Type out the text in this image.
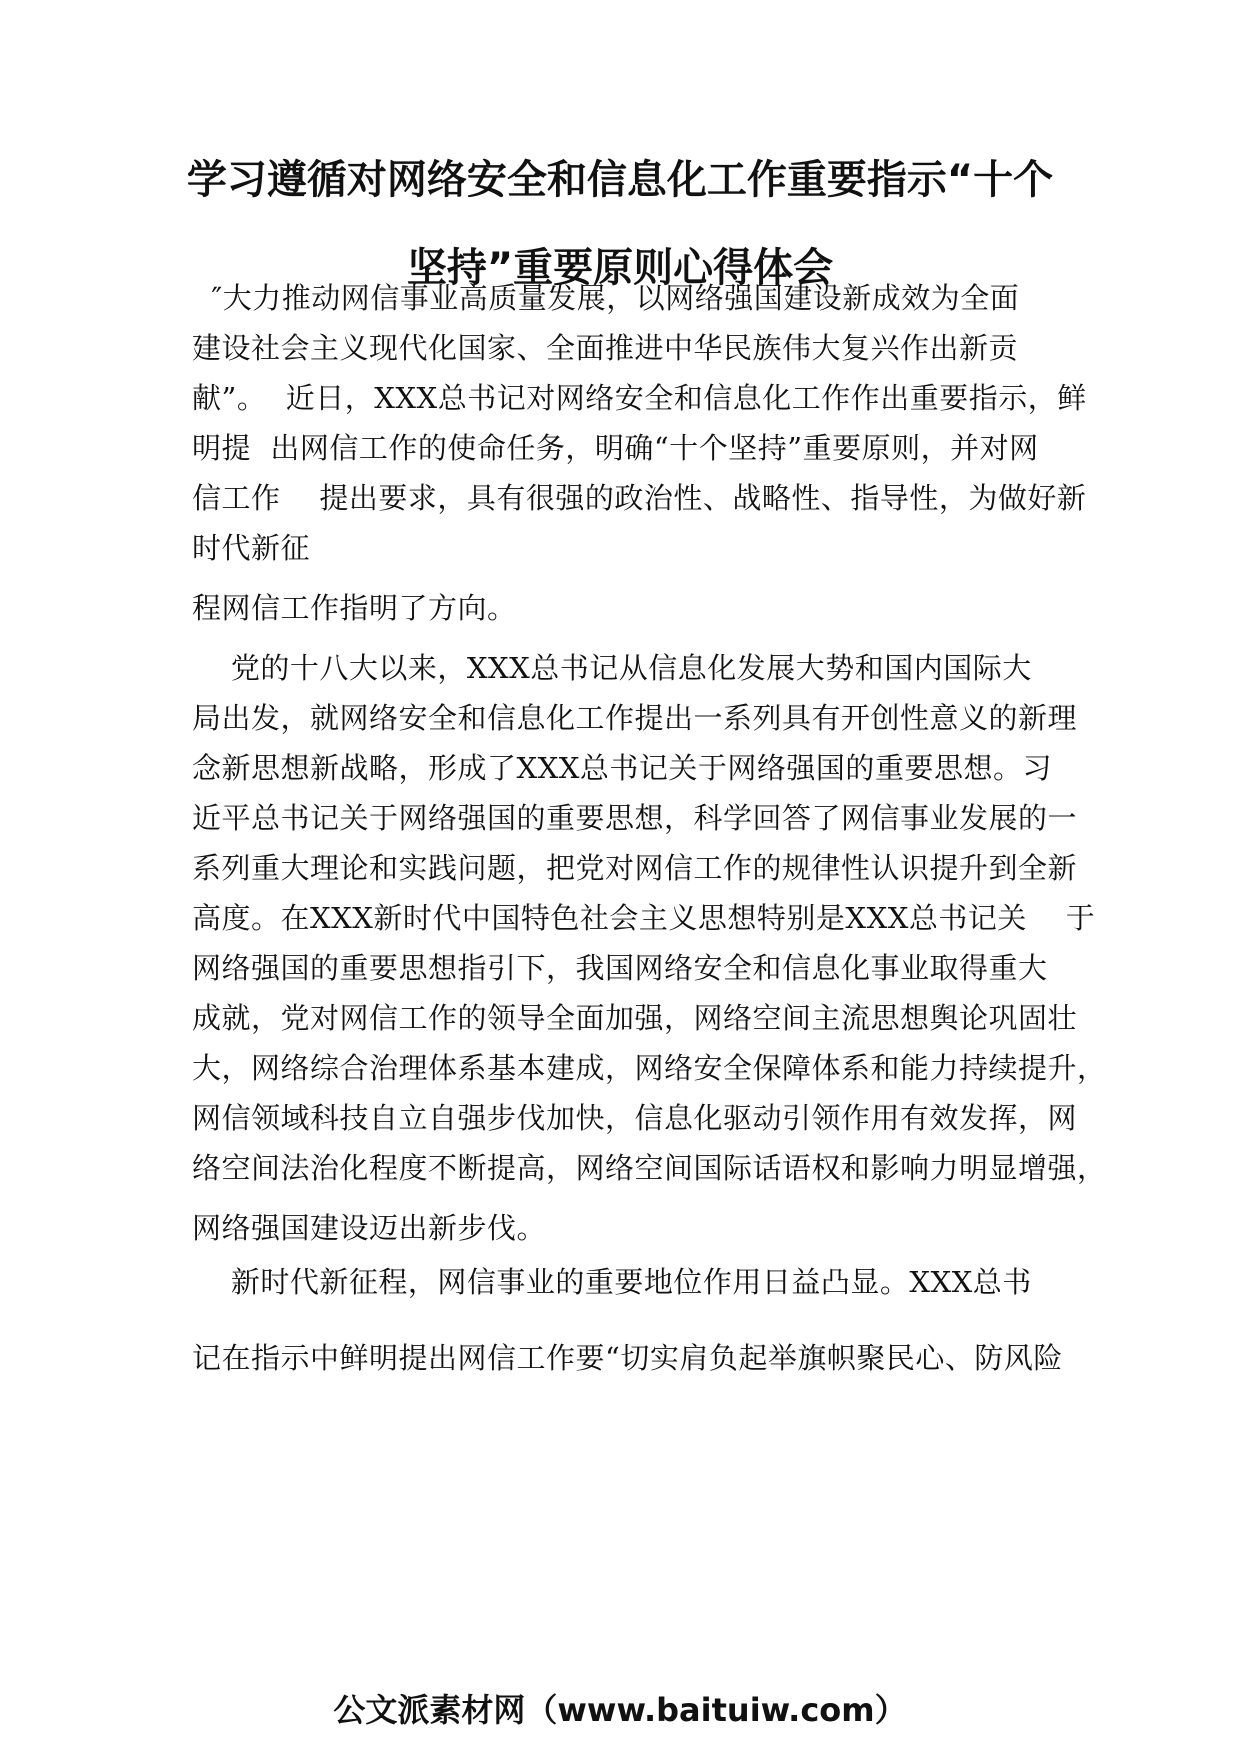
学习遵循对网络安全和信息化工作重要指示“十个
坚持”重要原则心得体会
″大力推动网信事业高质量发展，以网络强国建设新成效为全面
建设社会主义现代化国家、全面推进中华民族伟大复兴作出新贡
献”。  近日，XXX总书记对网络安全和信息化工作作出重要指示，鲜
明提  出网信工作的使命任务，明确“十个坚持”重要原则，并对网
信工作    提出要求，具有很强的政治性、战略性、指导性，为做好新
时代新征
程网信工作指明了方向。
党的十八大以来，XXX总书记从信息化发展大势和国内国际大
局出发，就网络安全和信息化工作提出一系列具有开创性意义的新理
念新思想新战略，形成了XXX总书记关于网络强国的重要思想。习
近平总书记关于网络强国的重要思想，科学回答了网信事业发展的一
系列重大理论和实践问题，把党对网信工作的规律性认识提升到全新
高度。在XXX新时代中国特色社会主义思想特别是XXX总书记关    于
网络强国的重要思想指引下，我国网络安全和信息化事业取得重大
成就，党对网信工作的领导全面加强，网络空间主流思想舆论巩固壮
大，网络综合治理体系基本建成，网络安全保障体系和能力持续提升，
网信领域科技自立自强步伐加快，信息化驱动引领作用有效发挥，网
络空间法治化程度不断提高，网络空间国际话语权和影响力明显增强，
网络强国建设迈出新步伐。
新时代新征程，网信事业的重要地位作用日益凸显。XXX总书
记在指示中鲜明提出网信工作要“切实肩负起举旗帜聚民心、防风险
公文派素材网（www.baituiw.com）
